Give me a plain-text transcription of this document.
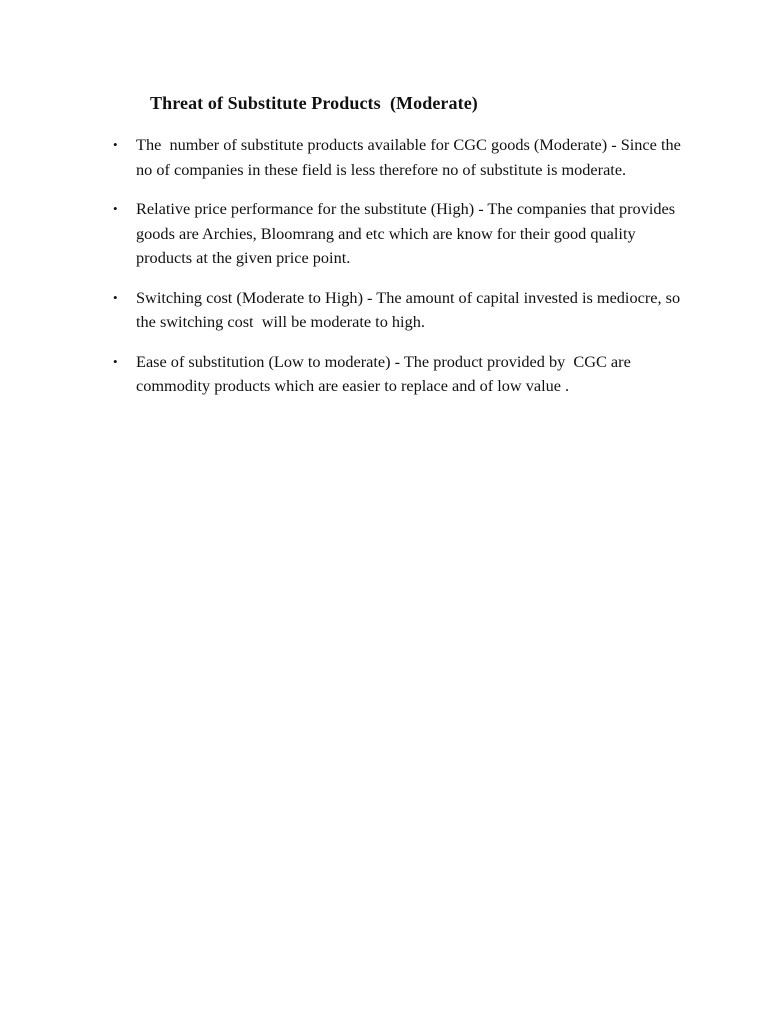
Threat of Substitute Products  (Moderate)
• The  number of substitute products available for CGC goods (Moderate) - Since the no of companies in these field is less therefore no of substitute is moderate.
• Relative price performance for the substitute (High) - The companies that provides goods are Archies, Bloomrang and etc which are know for their good quality products at the given price point.
• Switching cost (Moderate to High) - The amount of capital invested is mediocre, so the switching cost  will be moderate to high.
• Ease of substitution (Low to moderate) - The product provided by  CGC are commodity products which are easier to replace and of low value .
